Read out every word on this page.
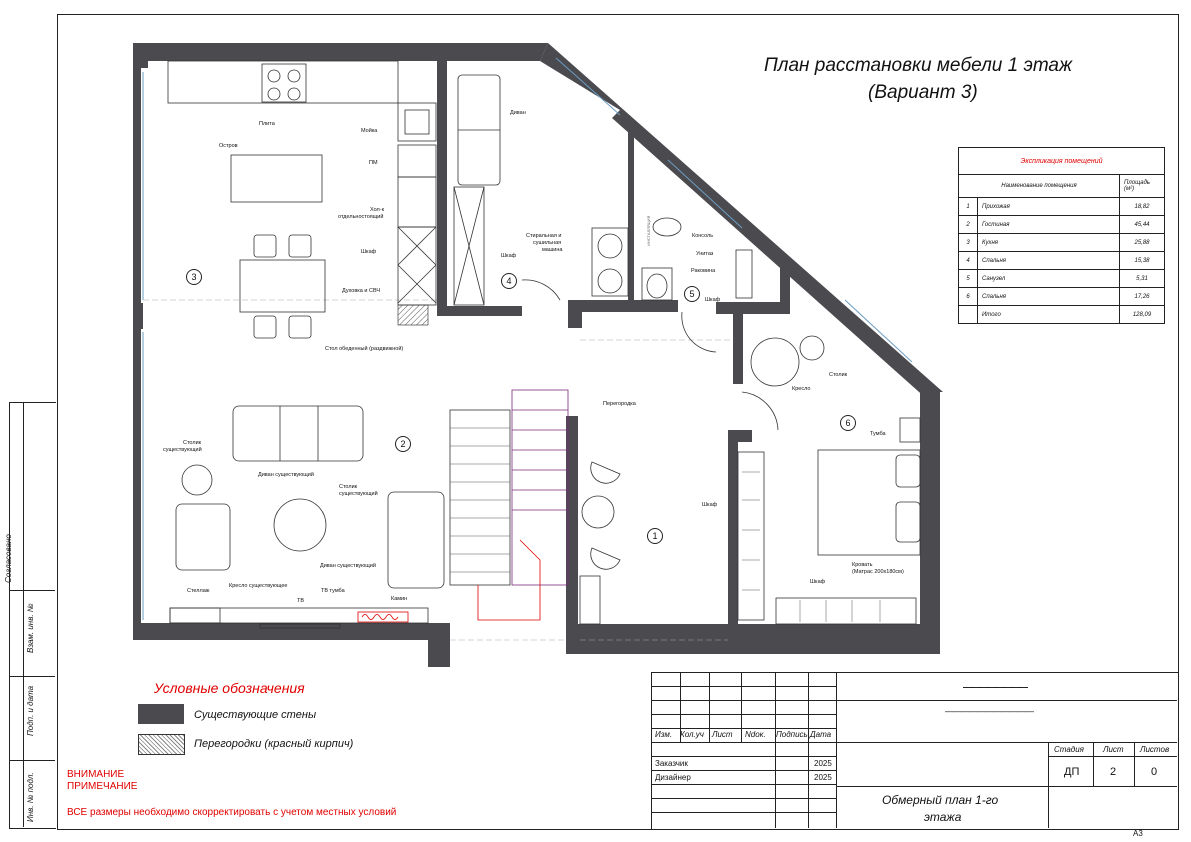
Согласовано
Взам. инв. №
Подп. и дата
Инв. № подл.
3
2
4
5
6
1
Плита
Мойка
Остров
ПМ
Хол-к
отдельностоящий
Шкаф
Духовка и СВЧ
Стол обеденный (раздвижной)
Диван
Шкаф
Стиральная и
сушильная
машина
Консоль
Унитаз
Раковина
Шкаф
Кресло
Столик
Тумба
Перегородка
Шкаф
Шкаф
Кровать
(Матрас 200х180см)
Столик
существующий
Диван существующий
Столик
существующий
Диван существующий
Кресло существующее
Стеллаж
ТВ
ТВ тумба
Камин
ИНСТАЛЛЯЦИЯ
План расстановки мебели 1 этаж
(Вариант 3)
Экспликация помещений		
Наименование помещения		Площадь (м²)
1	Прихожая	18,82
2	Гостиная	45,44
3	Кухня	25,88
4	Спальня	15,38
5	Санузел	5,31
6	Спальня	17,26
	Итого	128,09
Условные обозначения
Существующие стены
Перегородки (красный кирпич)
ВНИМАНИЕ
ПРИМЕЧАНИЕ
ВСЕ размеры необходимо скорректировать с учетом местных условий
Изм. Кол.уч Лист Ndoк. Подпись Дата
Заказчик	2025
Дизайнер	2025
————————
———————————
Стадия Лист Листов
ДП	2	0
Обмерный план 1-го
этажа
А3
